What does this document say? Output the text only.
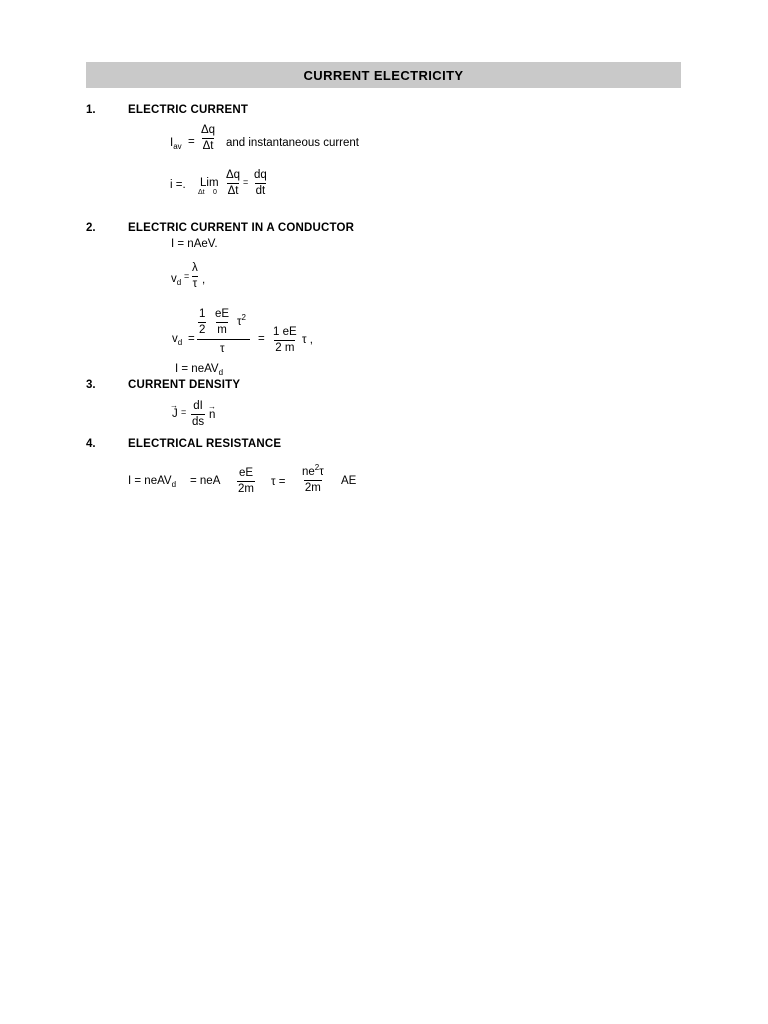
CURRENT ELECTRICITY
1.	ELECTRIC CURRENT
$I_{av} = \frac{\Delta q}{\Delta t}$ and instantaneous current
i =. Lim
Δt $0 \frac{\Delta q}{\Delta t} = \frac{dq}{dt}$
2.	ELECTRIC CURRENT IN A CONDUCTOR
I = nAeV.
$v_d$
= $\frac{\lambda}{\tau}$ ,
$v_d$ =
$\frac{1}{2} \frac{eE}{m} \tau^2$
τ
= $\frac{1 eE}{2 m}$ τ ,
I = neAV$_d$
3.	CURRENT DENSITY
→
$J = \frac{dI}{ds}$ →
n
4.	ELECTRICAL RESISTANCE
I = neAV$_d$ = neA $\frac{eE}{2m}$ $\tau = \frac{ne^2\tau}{2m}$ AE
